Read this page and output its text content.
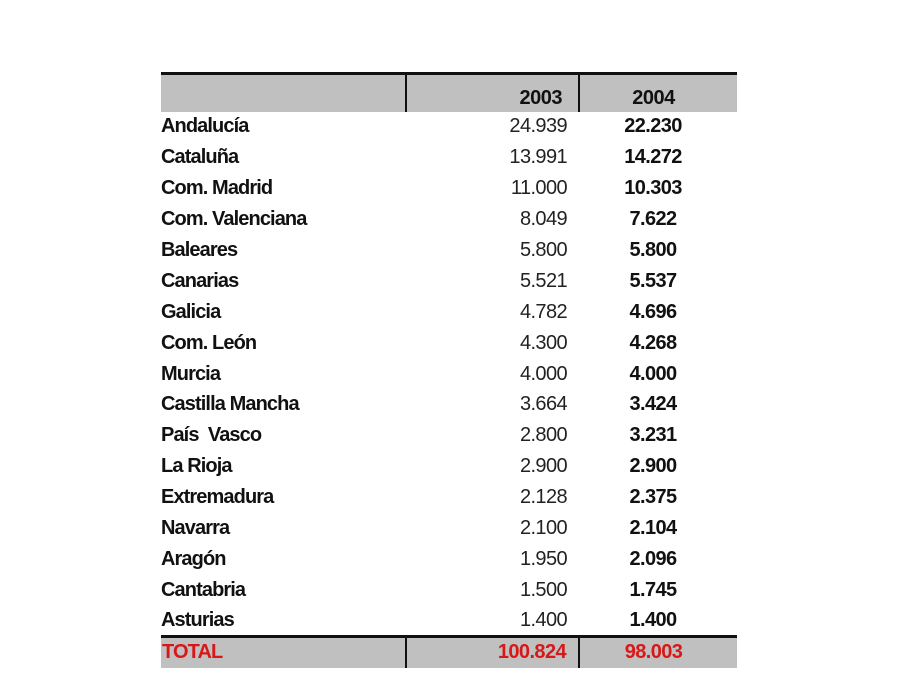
	2003	2004
Andalucía	24.939	22.230
Cataluña	13.991	14.272
Com. Madrid	11.000	10.303
Com. Valenciana	8.049	7.622
Baleares	5.800	5.800
Canarias	5.521	5.537
Galicia	4.782	4.696
Com. León	4.300	4.268
Murcia	4.000	4.000
Castilla Mancha	3.664	3.424
País  Vasco	2.800	3.231
La Rioja	2.900	2.900
Extremadura	2.128	2.375
Navarra	2.100	2.104
Aragón	1.950	2.096
Cantabria	1.500	1.745
Asturias	1.400	1.400
TOTAL	100.824	98.003
